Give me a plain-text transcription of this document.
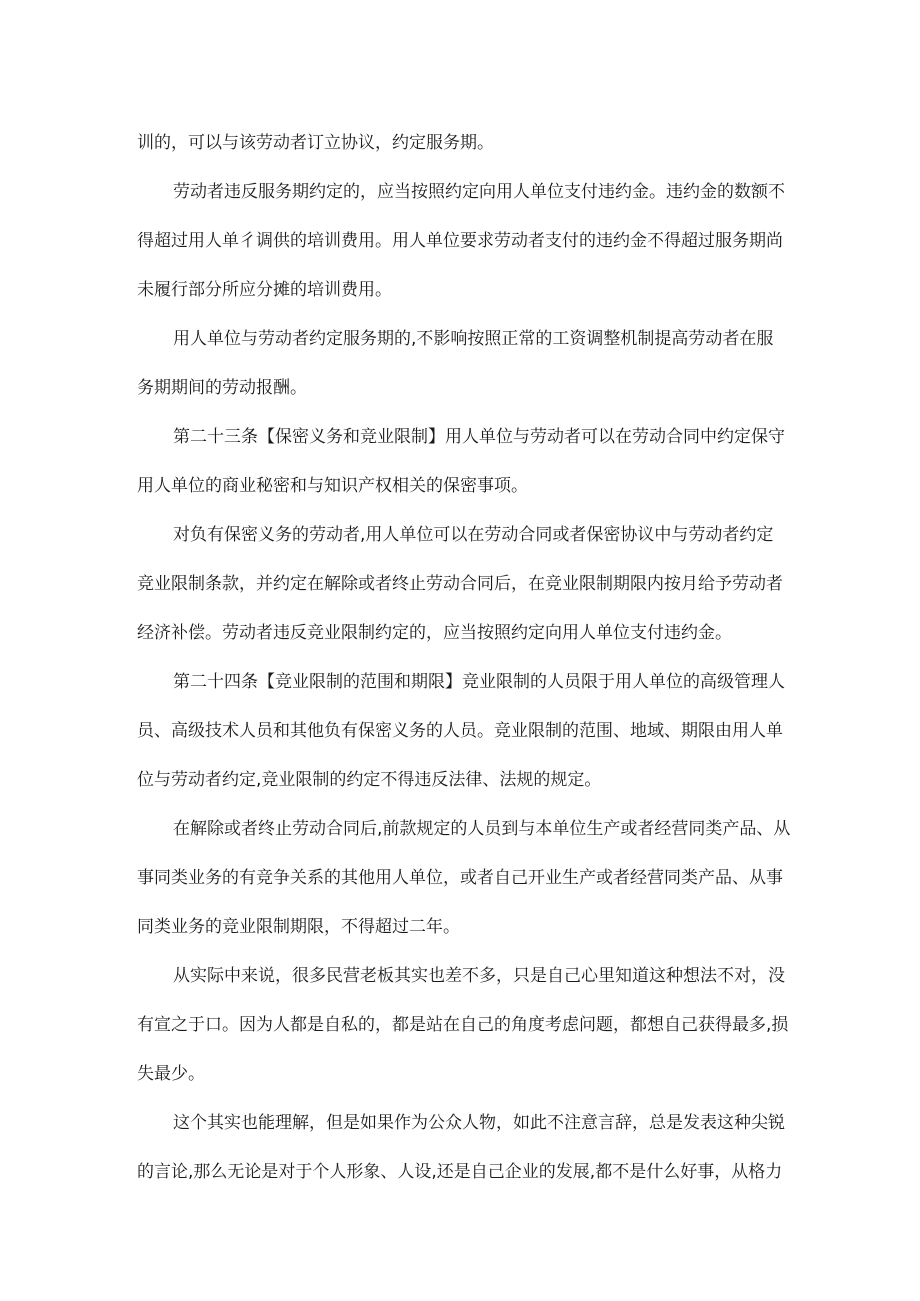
训的，可以与该劳动者订立协议，约定服务期。
劳动者违反服务期约定的，应当按照约定向用人单位支付违约金。违约金的数额不
得超过用人单彳调供的培训费用。用人单位要求劳动者支付的违约金不得超过服务期尚
未履行部分所应分摊的培训费用。
用人单位与劳动者约定服务期的,不影响按照正常的工资调整机制提高劳动者在服
务期期间的劳动报酬。
第二十三条【保密义务和竞业限制】用人单位与劳动者可以在劳动合同中约定保守
用人单位的商业秘密和与知识产权相关的保密事项。
对负有保密义务的劳动者,用人单位可以在劳动合同或者保密协议中与劳动者约定
竞业限制条款，并约定在解除或者终止劳动合同后，在竞业限制期限内按月给予劳动者
经济补偿。劳动者违反竞业限制约定的，应当按照约定向用人单位支付违约金。
第二十四条【竞业限制的范围和期限】竞业限制的人员限于用人单位的高级管理人
员、高级技术人员和其他负有保密义务的人员。竞业限制的范围、地域、期限由用人单
位与劳动者约定,竞业限制的约定不得违反法律、法规的规定。
在解除或者终止劳动合同后,前款规定的人员到与本单位生产或者经营同类产品、从
事同类业务的有竞争关系的其他用人单位，或者自己开业生产或者经营同类产品、从事
同类业务的竞业限制期限，不得超过二年。
从实际中来说，很多民营老板其实也差不多，只是自己心里知道这种想法不对，没
有宣之于口。因为人都是自私的，都是站在自己的角度考虑问题，都想自己获得最多,损
失最少。
这个其实也能理解，但是如果作为公众人物，如此不注意言辞，总是发表这种尖锐
的言论,那么无论是对于个人形象、人设,还是自己企业的发展,都不是什么好事，从格力
